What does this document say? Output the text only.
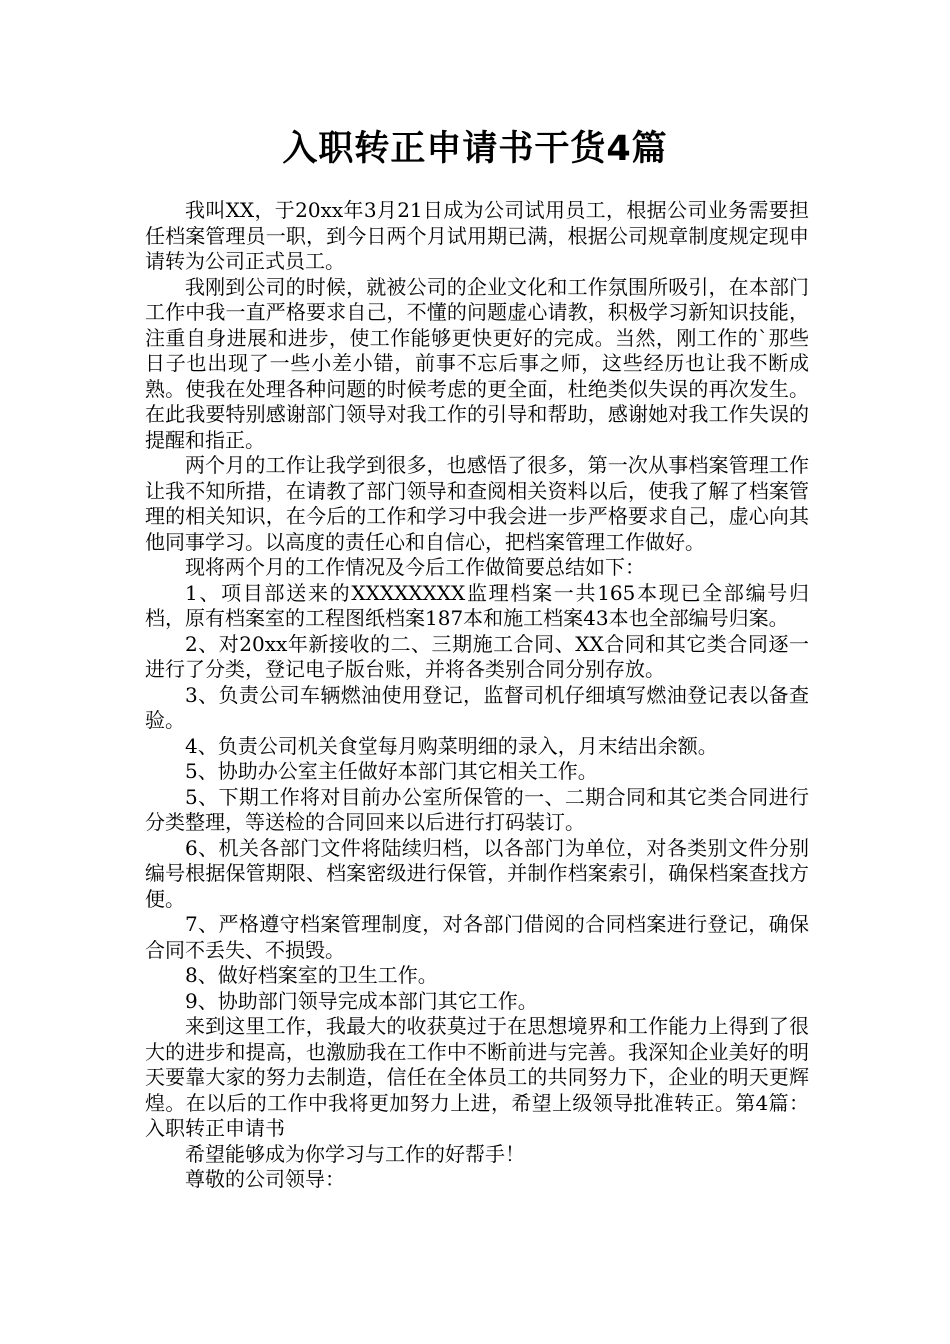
入职转正申请书干货4篇

我叫XX，于20xx年3月21日成为公司试用员工，根据公司业务需要担任档案管理员一职，到今日两个月试用期已满，根据公司规章制度规定现申请转为公司正式员工。

我刚到公司的时候，就被公司的企业文化和工作氛围所吸引，在本部门工作中我一直严格要求自己，不懂的问题虚心请教，积极学习新知识技能，注重自身进展和进步，使工作能够更快更好的完成。当然，刚工作的`那些日子也出现了一些小差小错，前事不忘后事之师，这些经历也让我不断成熟。使我在处理各种问题的时候考虑的更全面，杜绝类似失误的再次发生。在此我要特别感谢部门领导对我工作的引导和帮助，感谢她对我工作失误的提醒和指正。

两个月的工作让我学到很多，也感悟了很多，第一次从事档案管理工作让我不知所措，在请教了部门领导和查阅相关资料以后，使我了解了档案管理的相关知识，在今后的工作和学习中我会进一步严格要求自己，虚心向其他同事学习。以高度的责任心和自信心，把档案管理工作做好。

现将两个月的工作情况及今后工作做简要总结如下：

1、项目部送来的XXXXXXXX监理档案一共165本现已全部编号归档，原有档案室的工程图纸档案187本和施工档案43本也全部编号归案。

2、对20xx年新接收的二、三期施工合同、XX合同和其它类合同逐一进行了分类，登记电子版台账，并将各类别合同分别存放。

3、负责公司车辆燃油使用登记，监督司机仔细填写燃油登记表以备查验。

4、负责公司机关食堂每月购菜明细的录入，月末结出余额。

5、协助办公室主任做好本部门其它相关工作。

5、下期工作将对目前办公室所保管的一、二期合同和其它类合同进行分类整理，等送检的合同回来以后进行打码装订。

6、机关各部门文件将陆续归档，以各部门为单位，对各类别文件分别编号根据保管期限、档案密级进行保管，并制作档案索引，确保档案查找方便。

7、严格遵守档案管理制度，对各部门借阅的合同档案进行登记，确保合同不丢失、不损毁。

8、做好档案室的卫生工作。

9、协助部门领导完成本部门其它工作。

来到这里工作，我最大的收获莫过于在思想境界和工作能力上得到了很大的进步和提高，也激励我在工作中不断前进与完善。我深知企业美好的明天要靠大家的努力去制造，信任在全体员工的共同努力下，企业的明天更辉煌。在以后的工作中我将更加努力上进，希望上级领导批准转正。第4篇：入职转正申请书

希望能够成为你学习与工作的好帮手！

尊敬的公司领导：
